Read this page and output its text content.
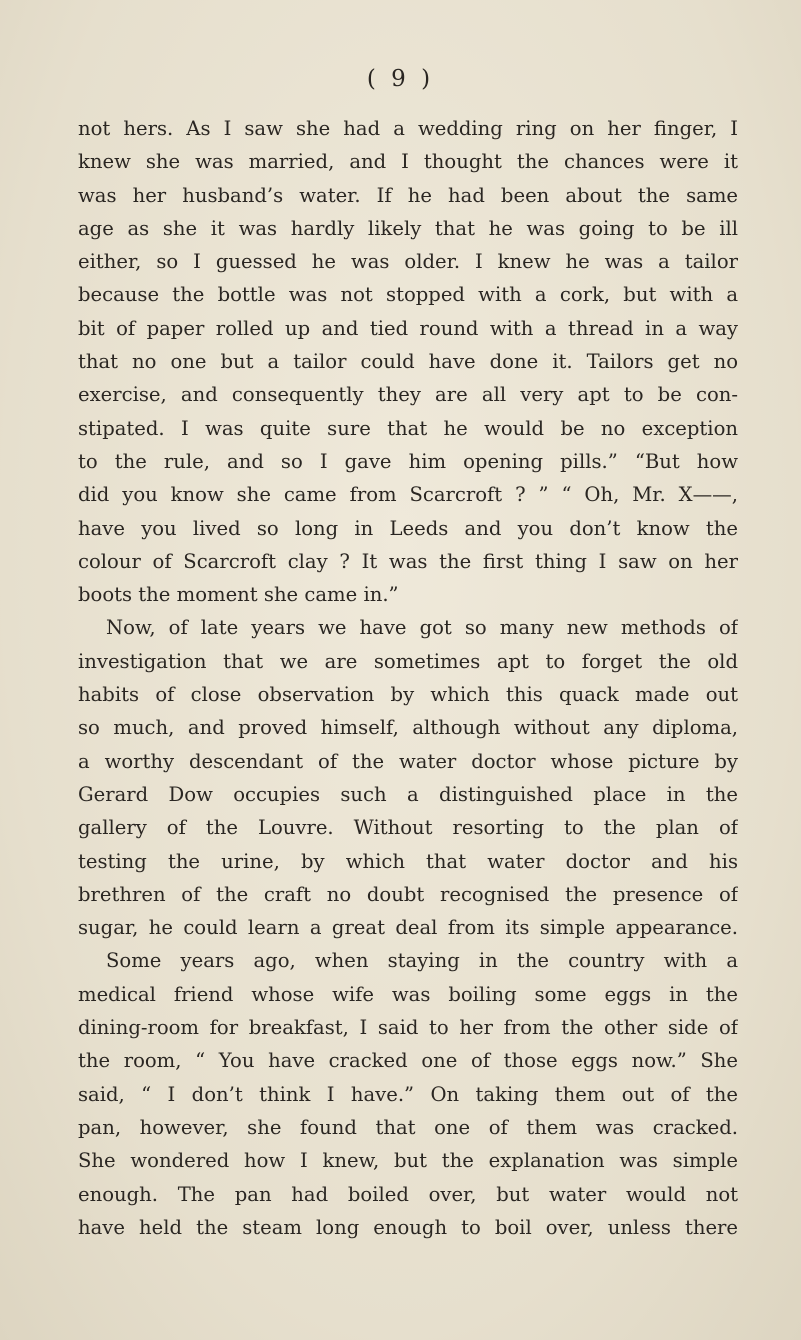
( 9 )
not hers. As I saw she had a wedding ring on her finger, I
knew she was married, and I thought the chances were it
was her husband’s water. If he had been about the same
age as she it was hardly likely that he was going to be ill
either, so I guessed he was older. I knew he was a tailor
because the bottle was not stopped with a cork, but with a
bit of paper rolled up and tied round with a thread in a way
that no one but a tailor could have done it. Tailors get no
exercise, and consequently they are all very apt to be con-
stipated. I was quite sure that he would be no exception
to the rule, and so I gave him opening pills.” “But how
did you know she came from Scarcroft ? ” “ Oh, Mr. X——,
have you lived so long in Leeds and you don’t know the
colour of Scarcroft clay ? It was the first thing I saw on her
boots the moment she came in.”
Now, of late years we have got so many new methods of
investigation that we are sometimes apt to forget the old
habits of close observation by which this quack made out
so much, and proved himself, although without any diploma,
a worthy descendant of the water doctor whose picture by
Gerard Dow occupies such a distinguished place in the
gallery of the Louvre. Without resorting to the plan of
testing the urine, by which that water doctor and his
brethren of the craft no doubt recognised the presence of
sugar, he could learn a great deal from its simple appearance.
Some years ago, when staying in the country with a
medical friend whose wife was boiling some eggs in the
dining-room for breakfast, I said to her from the other side of
the room, “ You have cracked one of those eggs now.” She
said, “ I don’t think I have.” On taking them out of the
pan, however, she found that one of them was cracked.
She wondered how I knew, but the explanation was simple
enough. The pan had boiled over, but water would not
have held the steam long enough to boil over, unless there
